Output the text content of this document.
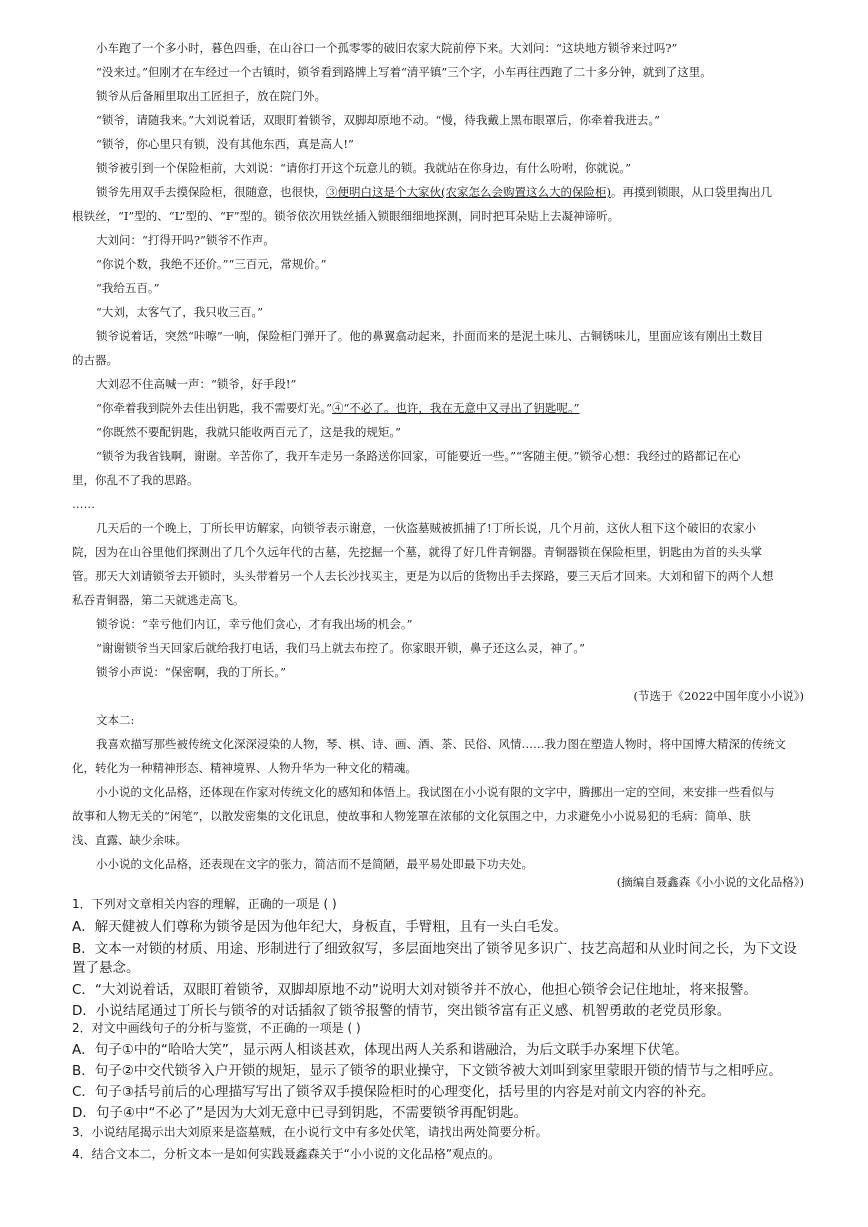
小车跑了一个多小时，暮色四垂，在山谷口一个孤零零的破旧农家大院前停下来。大刘问：“这块地方锁爷来过吗?”
“没来过。”但刚才在车经过一个古镇时，锁爷看到路牌上写着“清平镇”三个字，小车再往西跑了二十多分钟，就到了这里。
锁爷从后备厢里取出工匠担子，放在院门外。
“锁爷，请随我来。”大刘说着话，双眼盯着锁爷，双脚却原地不动。“慢，待我戴上黑布眼罩后，你牵着我进去。”
“锁爷，你心里只有锁，没有其他东西，真是高人!”
锁爷被引到一个保险柜前，大刘说：“请你打开这个玩意儿的锁。我就站在你身边，有什么吩咐，你就说。”
锁爷先用双手去摸保险柜，很随意，也很快，③便明白这是个大家伙(农家怎么会购置这么大的保险柜)。再摸到锁眼，从口袋里掏出几
根铁丝，“I”型的、“L”型的、“F”型的。锁爷依次用铁丝插入锁眼细细地探测，同时把耳朵贴上去凝神谛听。
大刘问：“打得开吗?”锁爷不作声。
“你说个数，我绝不还价。”“三百元，常规价。”
“我给五百。”
“大刘，太客气了，我只收三百。”
锁爷说着话，突然“咔嚓”一响，保险柜门弹开了。他的鼻翼翕动起来，扑面而来的是泥土味儿、古铜锈味儿，里面应该有刚出土数目
的古器。
大刘忍不住高喊一声：“锁爷，好手段!”
“你牵着我到院外去佳出钥匙，我不需要灯光。”④“不必了。也许，我在无意中又寻出了钥匙呢。”
“你既然不要配钥匙，我就只能收两百元了，这是我的规矩。”
“锁爷为我省钱啊，谢谢。辛苦你了，我开车走另一条路送你回家，可能要近一些。”“客随主便。”锁爷心想：我经过的路都记在心
里，你乱不了我的思路。
……
几天后的一个晚上，丁所长甲访解家，向锁爷表示谢意，一伙盗墓贼被抓捕了!丁所长说，几个月前，这伙人租下这个破旧的农家小
院，因为在山谷里他们探测出了几个久远年代的古墓，先挖掘一个墓，就得了好几件青铜器。青铜器锁在保险柜里，钥匙由为首的头头掌
管。那天大刘请锁爷去开锁时，头头带着另一个人去长沙找买主，更是为以后的货物出手去探路，要三天后才回来。大刘和留下的两个人想
私吞青铜器，第二天就逃走高飞。
锁爷说：“幸亏他们内讧，幸亏他们贪心，才有我出场的机会。”
“谢谢锁爷当天回家后就给我打电话，我们马上就去布控了。你家眼开锁，鼻子还这么灵，神了。”
锁爷小声说：“保密啊，我的丁所长。”
(节选于《2022中国年度小小说》)
文本二:
我喜欢描写那些被传统文化深深浸染的人物，琴、棋、诗、画、酒、茶、民俗、风情……我力图在塑造人物时，将中国博大精深的传统文
化，转化为一种精神形态、精神境界、人物升华为一种文化的精魂。
小小说的文化品格，还体现在作家对传统文化的感知和体悟上。我试图在小小说有限的文字中，腾挪出一定的空间，来安排一些看似与
故事和人物无关的“闲笔”，以散发密集的文化讯息，使故事和人物笼罩在浓郁的文化氛围之中，力求避免小小说易犯的毛病：简单、肤
浅、直露、缺少余味。
小小说的文化品格，还表现在文字的张力，简洁而不是简陋，最平易处即最下功夫处。
(摘编自聂鑫森《小小说的文化品格》)
1．下列对文章相关内容的理解，正确的一项是 ( )
A．解天健被人们尊称为锁爷是因为他年纪大，身板直，手臂粗，且有一头白毛发。
B．文本一对锁的材质、用途、形制进行了细致叙写，多层面地突出了锁爷见多识广、技艺高超和从业时间之长，为下文设
置了悬念。
C．“大刘说着话，双眼盯着锁爷，双脚却原地不动”说明大刘对锁爷并不放心，他担心锁爷会记住地址，将来报警。
D．小说结尾通过丁所长与锁爷的对话插叙了锁爷报警的情节，突出锁爷富有正义感、机智勇敢的老党员形象。
2．对文中画线句子的分析与鉴赏，不正确的一项是 ( )
A．句子①中的“哈哈大笑”，显示两人相谈甚欢，体现出两人关系和谐融洽，为后文联手办案埋下伏笔。
B．句子②中交代锁爷入户开锁的规矩，显示了锁爷的职业操守，下文锁爷被大刘叫到家里蒙眼开锁的情节与之相呼应。
C．句子③括号前后的心理描写写出了锁爷双手摸保险柜时的心理变化，括号里的内容是对前文内容的补充。
D．句子④中“不必了”是因为大刘无意中已寻到钥匙，不需要锁爷再配钥匙。
3．小说结尾揭示出大刘原来是盗墓贼，在小说行文中有多处伏笔，请找出两处简要分析。
4．结合文本二，分析文本一是如何实践聂鑫森关于“小小说的文化品格”观点的。
